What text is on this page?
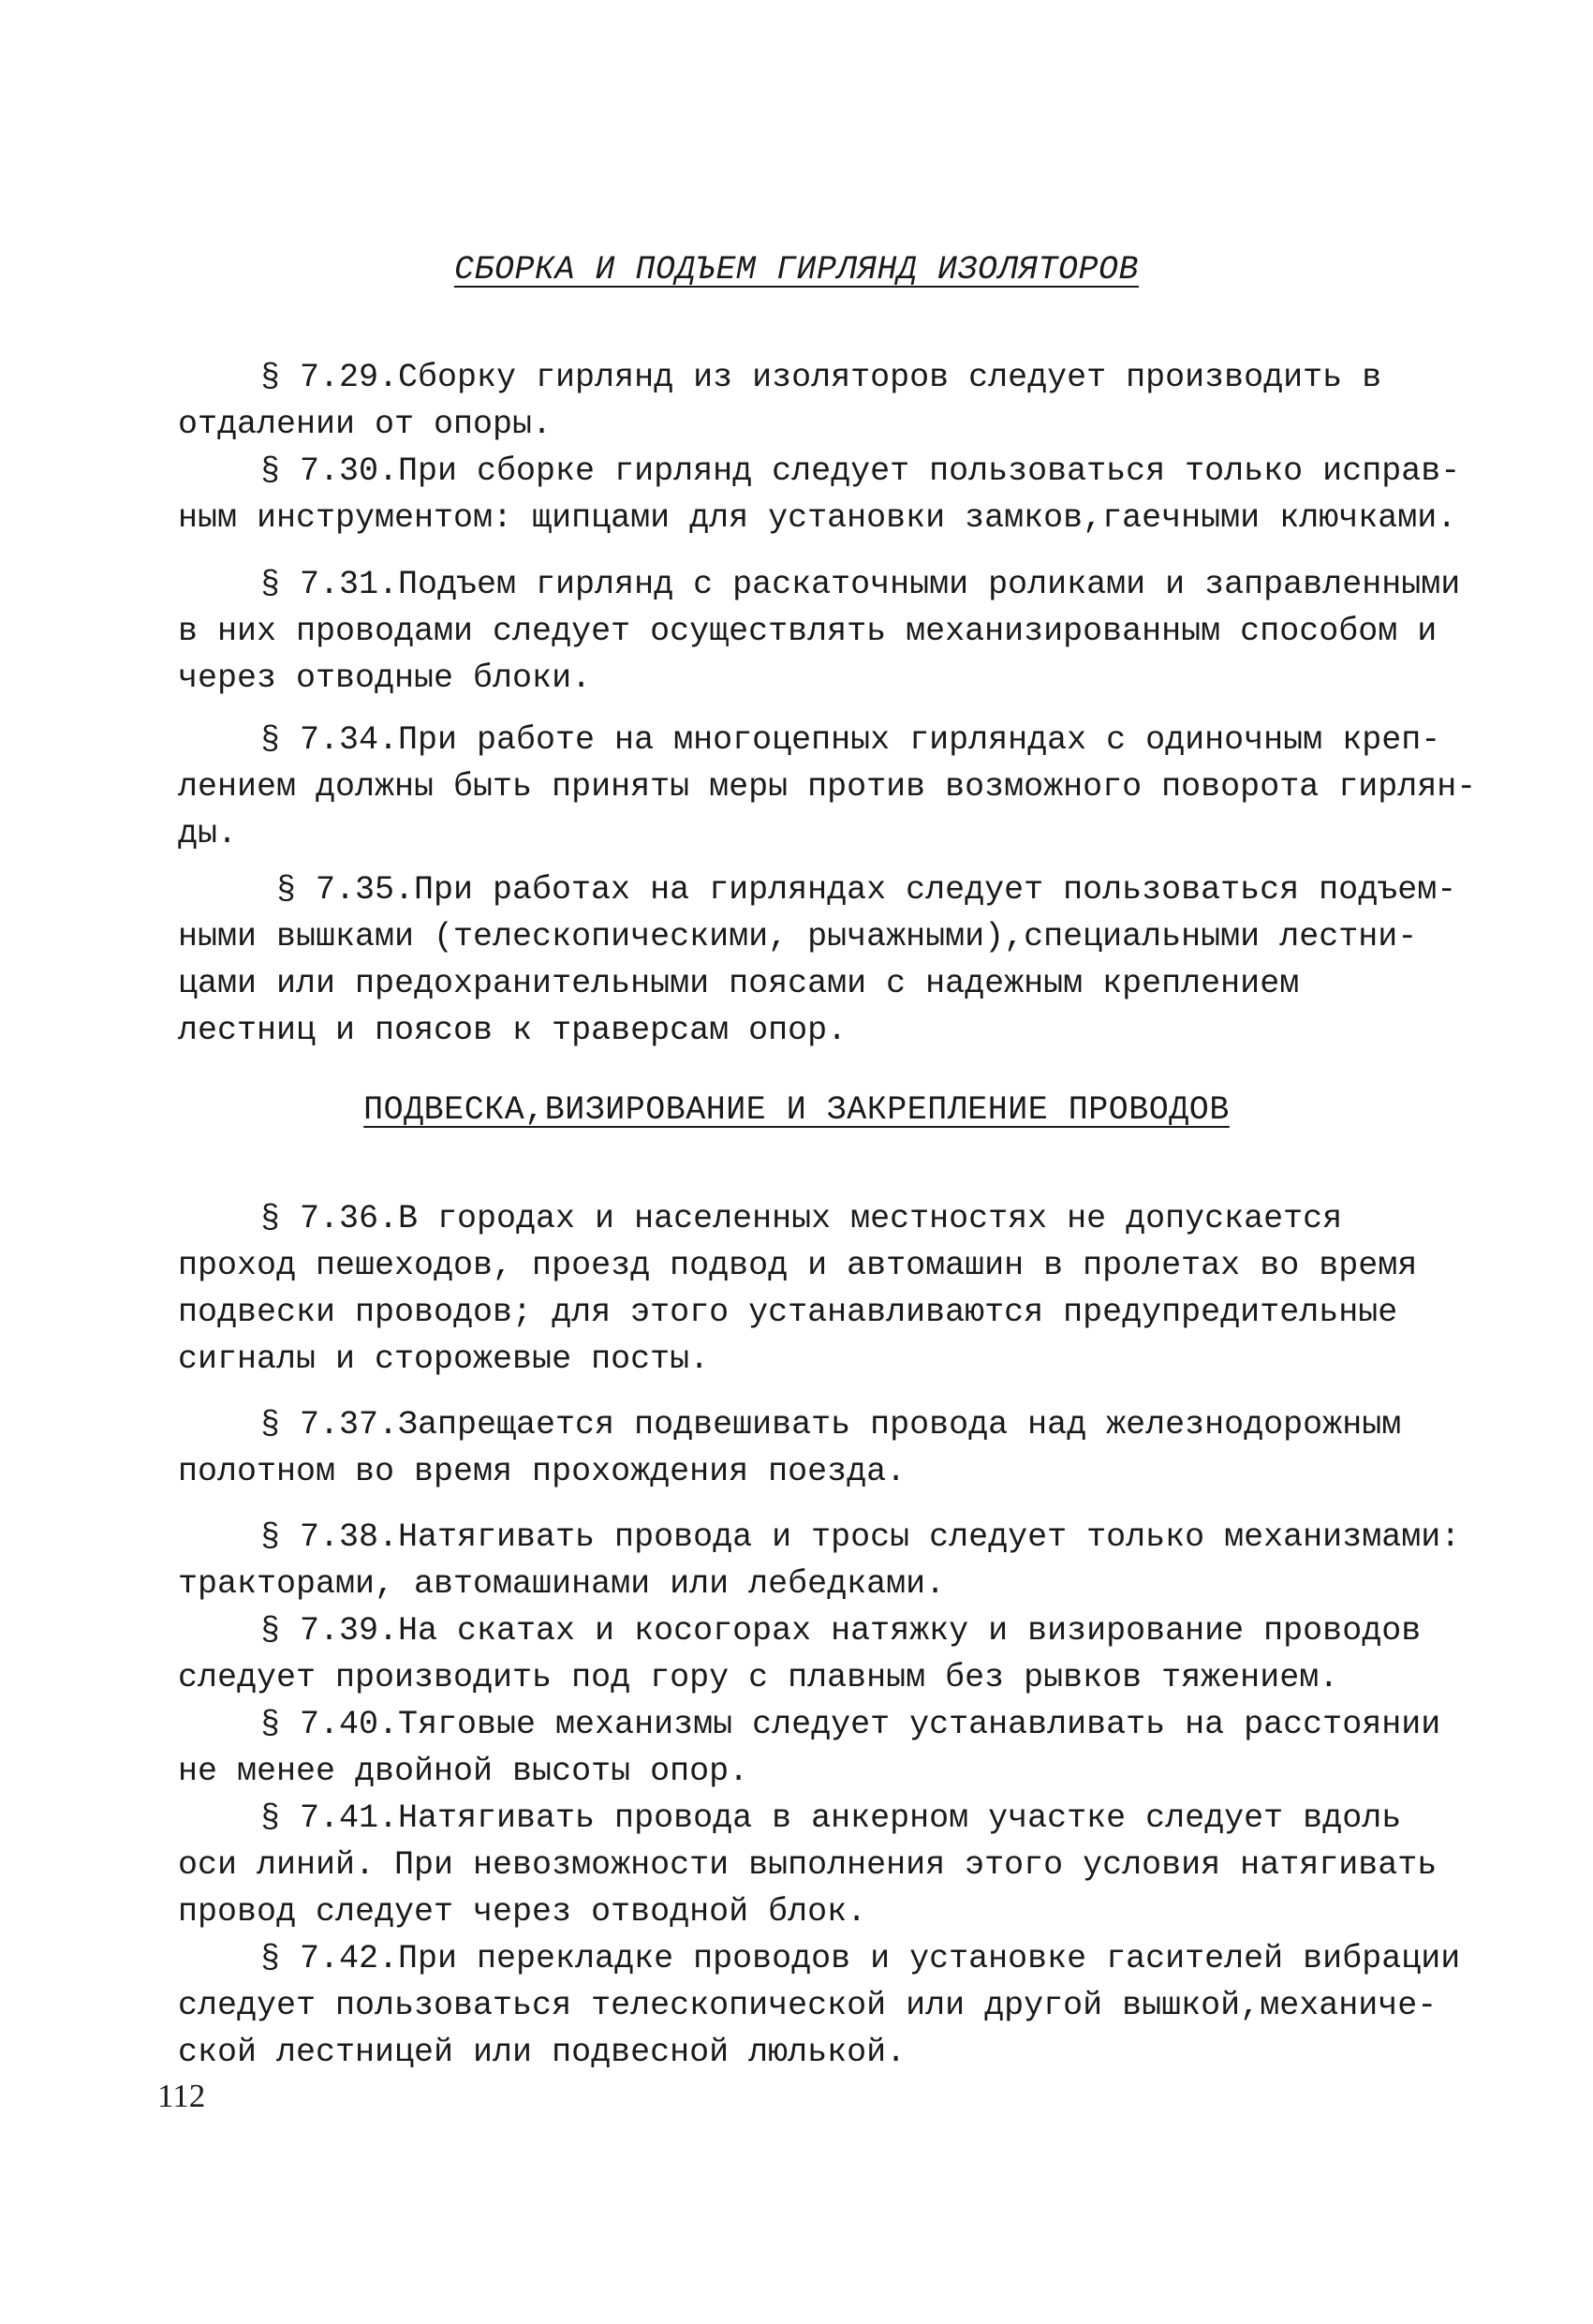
СБОРКА И ПОДЪЕМ ГИРЛЯНД ИЗОЛЯТОРОВ
§ 7.29.Сборку гирлянд из изоляторов следует производить в
отдалении от опоры.
§ 7.30.При сборке гирлянд следует пользоваться только исправ-
ным инструментом: щипцами для установки замков,гаечными ключками.
§ 7.31.Подъем гирлянд с раскаточными роликами и заправленными
в них проводами следует осуществлять механизированным способом и
через отводные блоки.
§ 7.34.При работе на многоцепных гирляндах с одиночным креп-
лением должны быть приняты меры против возможного поворота гирлян-
ды.
§ 7.35.При работах на гирляндах следует пользоваться подъем-
ными вышками (телескопическими, рычажными),специальными лестни-
цами или предохранительными поясами с надежным креплением
лестниц и поясов к траверсам опор.
ПОДВЕСКА,ВИЗИРОВАНИЕ И ЗАКРЕПЛЕНИЕ ПРОВОДОВ
§ 7.36.В городах и населенных местностях не допускается
проход пешеходов, проезд подвод и автомашин в пролетах во время
подвески проводов; для этого устанавливаются предупредительные
сигналы и сторожевые посты.
§ 7.37.Запрещается подвешивать провода над железнодорожным
полотном во время прохождения поезда.
§ 7.38.Натягивать провода и тросы следует только механизмами:
тракторами, автомашинами или лебедками.
§ 7.39.На скатах и косогорах натяжку и визирование проводов
следует производить под гору с плавным без рывков тяжением.
§ 7.40.Тяговые механизмы следует устанавливать на расстоянии
не менее двойной высоты опор.
§ 7.41.Натягивать провода в анкерном участке следует вдоль
оси линий. При невозможности выполнения этого условия натягивать
провод следует через отводной блок.
§ 7.42.При перекладке проводов и установке гасителей вибрации
следует пользоваться телескопической или другой вышкой,механиче-
ской лестницей или подвесной люлькой.
112
